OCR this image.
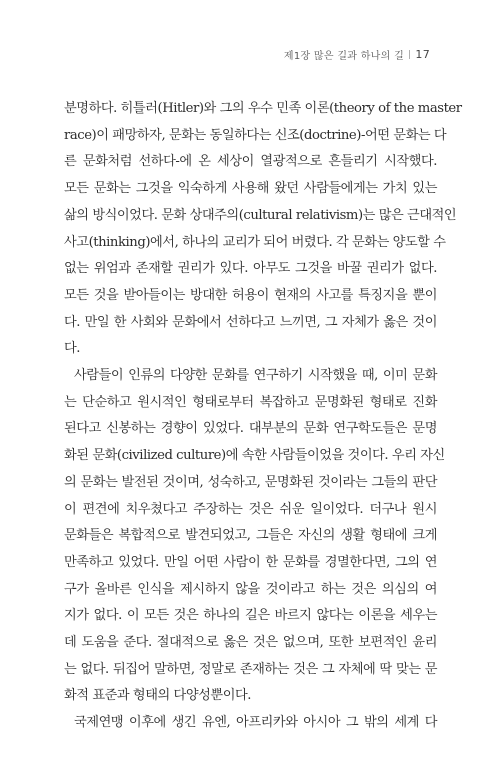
제1장 많은 길과 하나의 길 | 17
분명하다. 히틀러(Hitler)와 그의 우수 민족 이론(theory of the master
race)이 패망하자, 문화는 동일하다는 신조(doctrine)-어떤 문화는 다
른 문화처럼 선하다-에 온 세상이 열광적으로 흔들리기 시작했다.
모든 문화는 그것을 익숙하게 사용해 왔던 사람들에게는 가치 있는
삶의 방식이었다. 문화 상대주의(cultural relativism)는 많은 근대적인
사고(thinking)에서, 하나의 교리가 되어 버렸다. 각 문화는 양도할 수
없는 위엄과 존재할 권리가 있다. 아무도 그것을 바꿀 권리가 없다.
모든 것을 받아들이는 방대한 허용이 현재의 사고를 특징지을 뿐이
다. 만일 한 사회와 문화에서 선하다고 느끼면, 그 자체가 옳은 것이
다.
사람들이 인류의 다양한 문화를 연구하기 시작했을 때, 이미 문화
는 단순하고 원시적인 형태로부터 복잡하고 문명화된 형태로 진화
된다고 신봉하는 경향이 있었다. 대부분의 문화 연구학도들은 문명
화된 문화(civilized culture)에 속한 사람들이었을 것이다. 우리 자신
의 문화는 발전된 것이며, 성숙하고, 문명화된 것이라는 그들의 판단
이 편견에 치우쳤다고 주장하는 것은 쉬운 일이었다. 더구나 원시
문화들은 복합적으로 발견되었고, 그들은 자신의 생활 형태에 크게
만족하고 있었다. 만일 어떤 사람이 한 문화를 경멸한다면, 그의 연
구가 올바른 인식을 제시하지 않을 것이라고 하는 것은 의심의 여
지가 없다. 이 모든 것은 하나의 길은 바르지 않다는 이론을 세우는
데 도움을 준다. 절대적으로 옳은 것은 없으며, 또한 보편적인 윤리
는 없다. 뒤집어 말하면, 정말로 존재하는 것은 그 자체에 딱 맞는 문
화적 표준과 형태의 다양성뿐이다.
국제연맹 이후에 생긴 유엔, 아프리카와 아시아 그 밖의 세계 다
